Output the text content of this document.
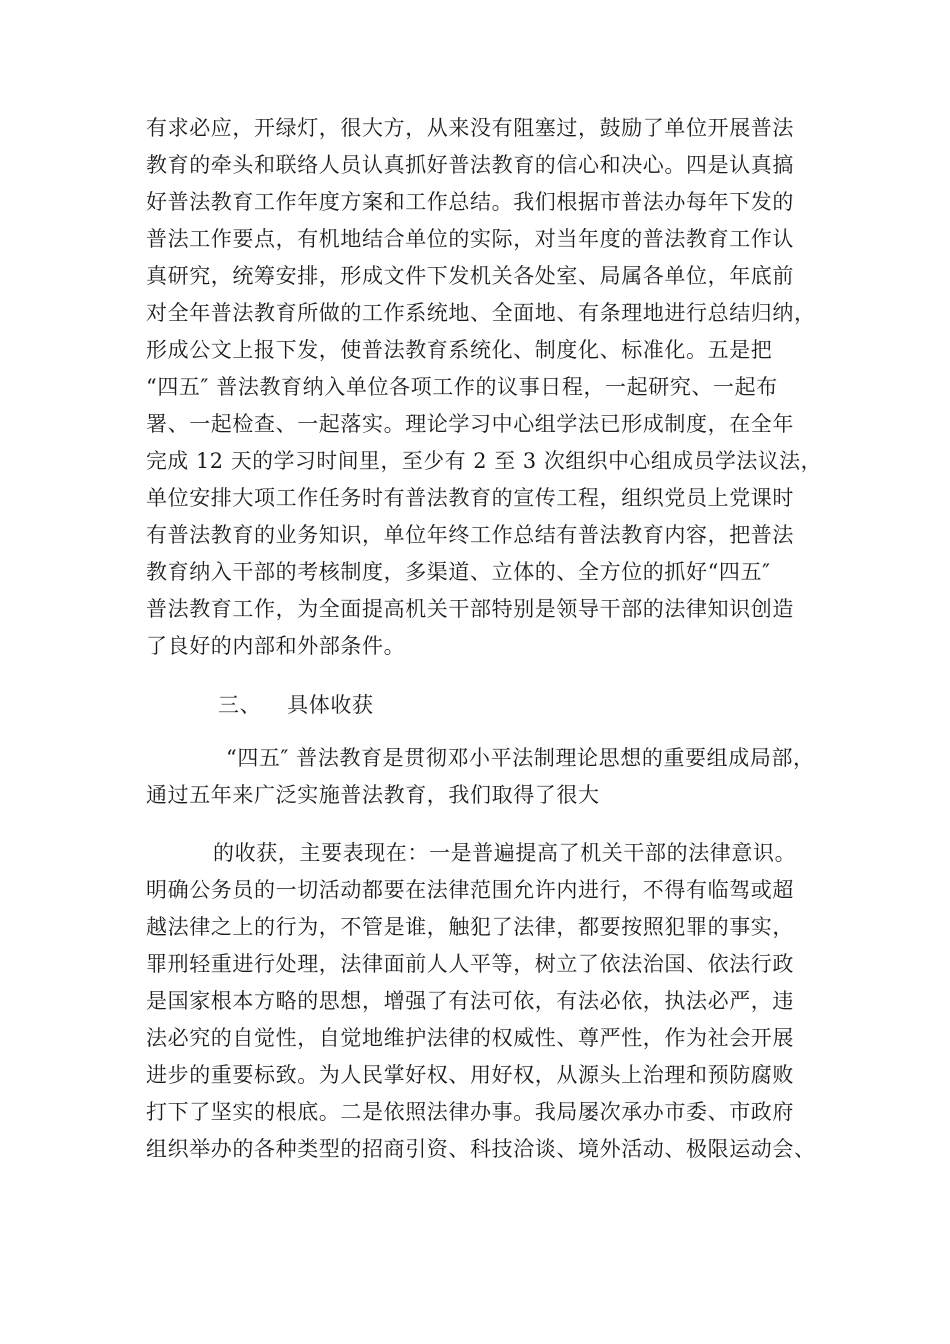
有求必应，开绿灯，很大方，从来没有阻塞过，鼓励了单位开展普法
教育的牵头和联络人员认真抓好普法教育的信心和决心。四是认真搞
好普法教育工作年度方案和工作总结。我们根据市普法办每年下发的
普法工作要点，有机地结合单位的实际，对当年度的普法教育工作认
真研究，统筹安排，形成文件下发机关各处室、局属各单位，年底前
对全年普法教育所做的工作系统地、全面地、有条理地进行总结归纳，
形成公文上报下发，使普法教育系统化、制度化、标准化。五是把
“四五″ 普法教育纳入单位各项工作的议事日程，一起研究、一起布
署、一起检查、一起落实。理论学习中心组学法已形成制度，在全年
完成 12 天的学习时间里，至少有 2 至 3 次组织中心组成员学法议法，
单位安排大项工作任务时有普法教育的宣传工程，组织党员上党课时
有普法教育的业务知识，单位年终工作总结有普法教育内容，把普法
教育纳入干部的考核制度，多渠道、立体的、全方位的抓好“四五″
普法教育工作，为全面提高机关干部特别是领导干部的法律知识创造
了良好的内部和外部条件。
三、 具体收获
“四五″ 普法教育是贯彻邓小平法制理论思想的重要组成局部，
通过五年来广泛实施普法教育，我们取得了很大
的收获，主要表现在：一是普遍提高了机关干部的法律意识。
明确公务员的一切活动都要在法律范围允许内进行，不得有临驾或超
越法律之上的行为，不管是谁，触犯了法律，都要按照犯罪的事实，
罪刑轻重进行处理，法律面前人人平等，树立了依法治国、依法行政
是国家根本方略的思想，增强了有法可依，有法必依，执法必严，违
法必究的自觉性，自觉地维护法律的权威性、尊严性，作为社会开展
进步的重要标致。为人民掌好权、用好权，从源头上治理和预防腐败
打下了坚实的根底。二是依照法律办事。我局屡次承办市委、市政府
组织举办的各种类型的招商引资、科技洽谈、境外活动、极限运动会、
